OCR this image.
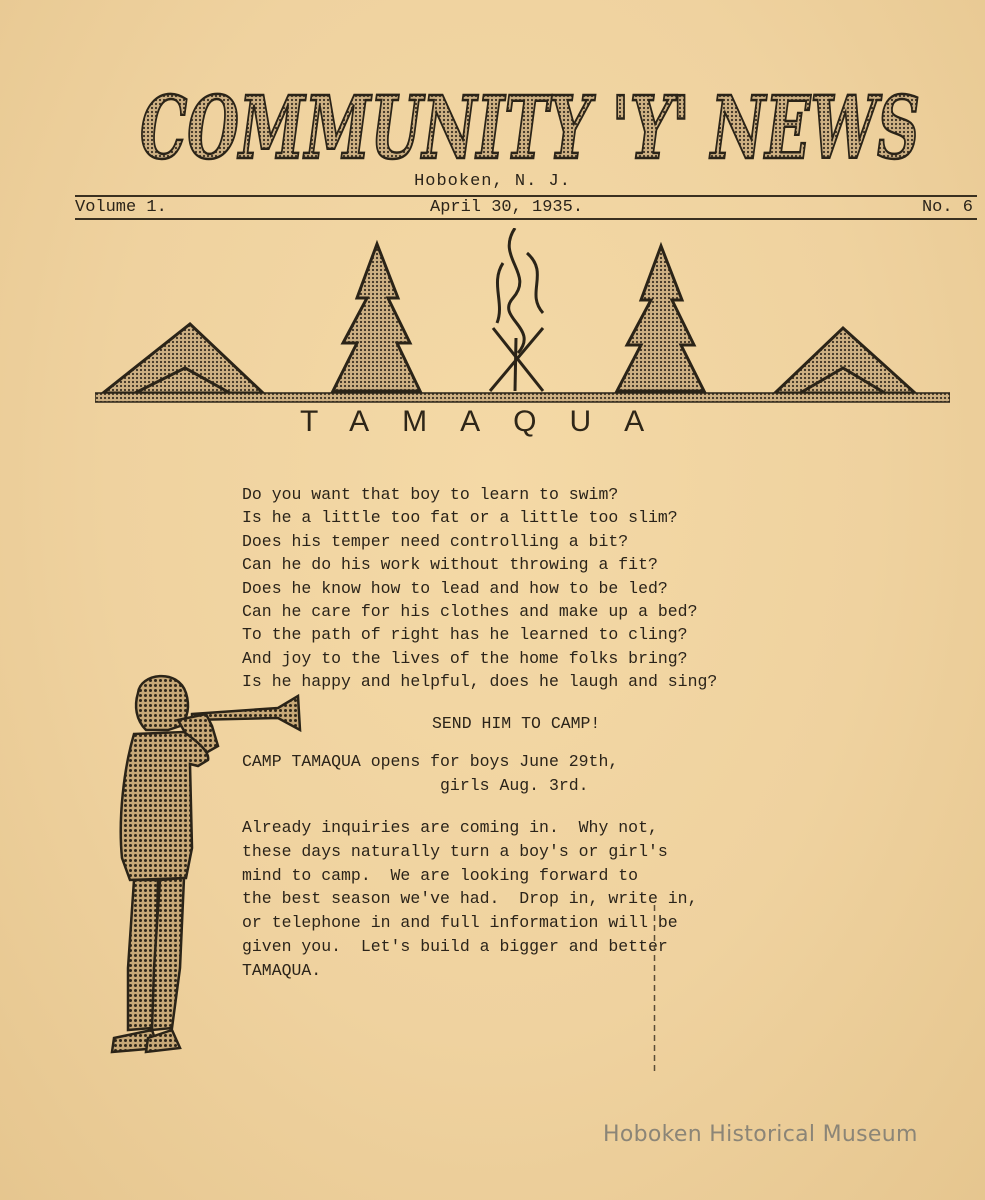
COMMUNITY 'Y' NEWS
Hoboken, N. J.
Volume 1.	April 30, 1935.	No. 6
TAMAQUA
Do you want that boy to learn to swim?
Is he a little too fat or a little too slim?
Does his temper need controlling a bit?
Can he do his work without throwing a fit?
Does he know how to lead and how to be led?
Can he care for his clothes and make up a bed?
To the path of right has he learned to cling?
And joy to the lives of the home folks bring?
Is he happy and helpful, does he laugh and sing?
SEND HIM TO CAMP!
CAMP TAMAQUA opens for boys June 29th,
girls Aug. 3rd.
Already inquiries are coming in.  Why not,
these days naturally turn a boy's or girl's
mind to camp.  We are looking forward to
the best season we've had.  Drop in, write in,
or telephone in and full information will be
given you.  Let's build a bigger and better
TAMAQUA.
Hoboken Historical Museum
